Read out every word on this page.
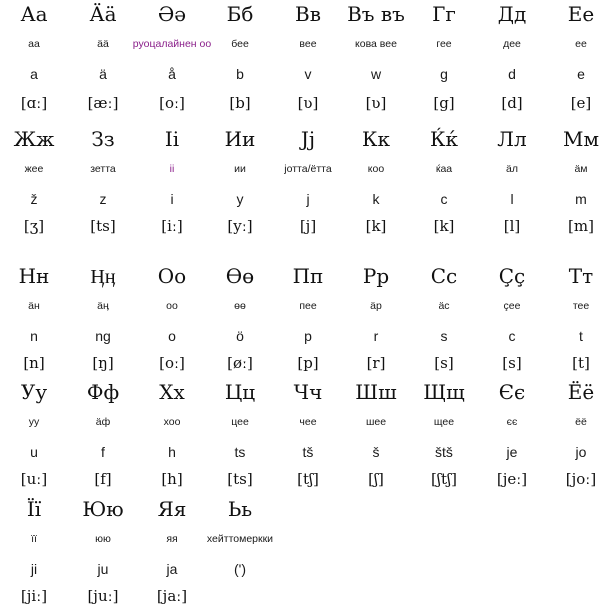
Аа
аа
a
[ɑː]
Ӓӓ
ӓӓ
ä
[æː]
Әә
руоцалайнен оо
å
[oː]
Бб
бее
b
[b]
Вв
вее
v
[ʋ]
Въ въ
кова вее
w
[ʋ]
Гг
гее
g
[g]
Дд
дее
d
[d]
Ее
ее
e
[e]
Жж
жее
ž
[ʒ]
Зз
зетта
z
[ts]
Ii
ii
i
[iː]
Ии
ии
y
[yː]
Jj
jотта/ётта
j
[j]
Кк
коо
k
[k]
Ќќ
ќаа
c
[k]
Лл
äл
l
[l]
Мм
äм
m
[m]
Нн
äн
n
[n]
Ӊӊ
äӊ
ng
[ŋ]
Оо
оо
o
[oː]
Өө
өө
ö
[øː]
Пп
пее
p
[p]
Рр
äр
r
[r]
Сс
äс
s
[s]
Çç
çее
c
[s]
Тт
тее
t
[t]
Уу
уу
u
[uː]
Фф
äф
f
[f]
Хх
хоо
h
[h]
Цц
цее
ts
[ts]
Чч
чее
tš
[tʃ]
Шш
шее
š
[ʃ]
Щщ
щее
štš
[ʃtʃ]
Єє
єє
je
[jeː]
Ёё
ёё
jo
[joː]
Її
її
ji
[jiː]
Юю
юю
ju
[juː]
Яя
яя
ja
[jaː]
Ьь
хейттомеркки
(')
